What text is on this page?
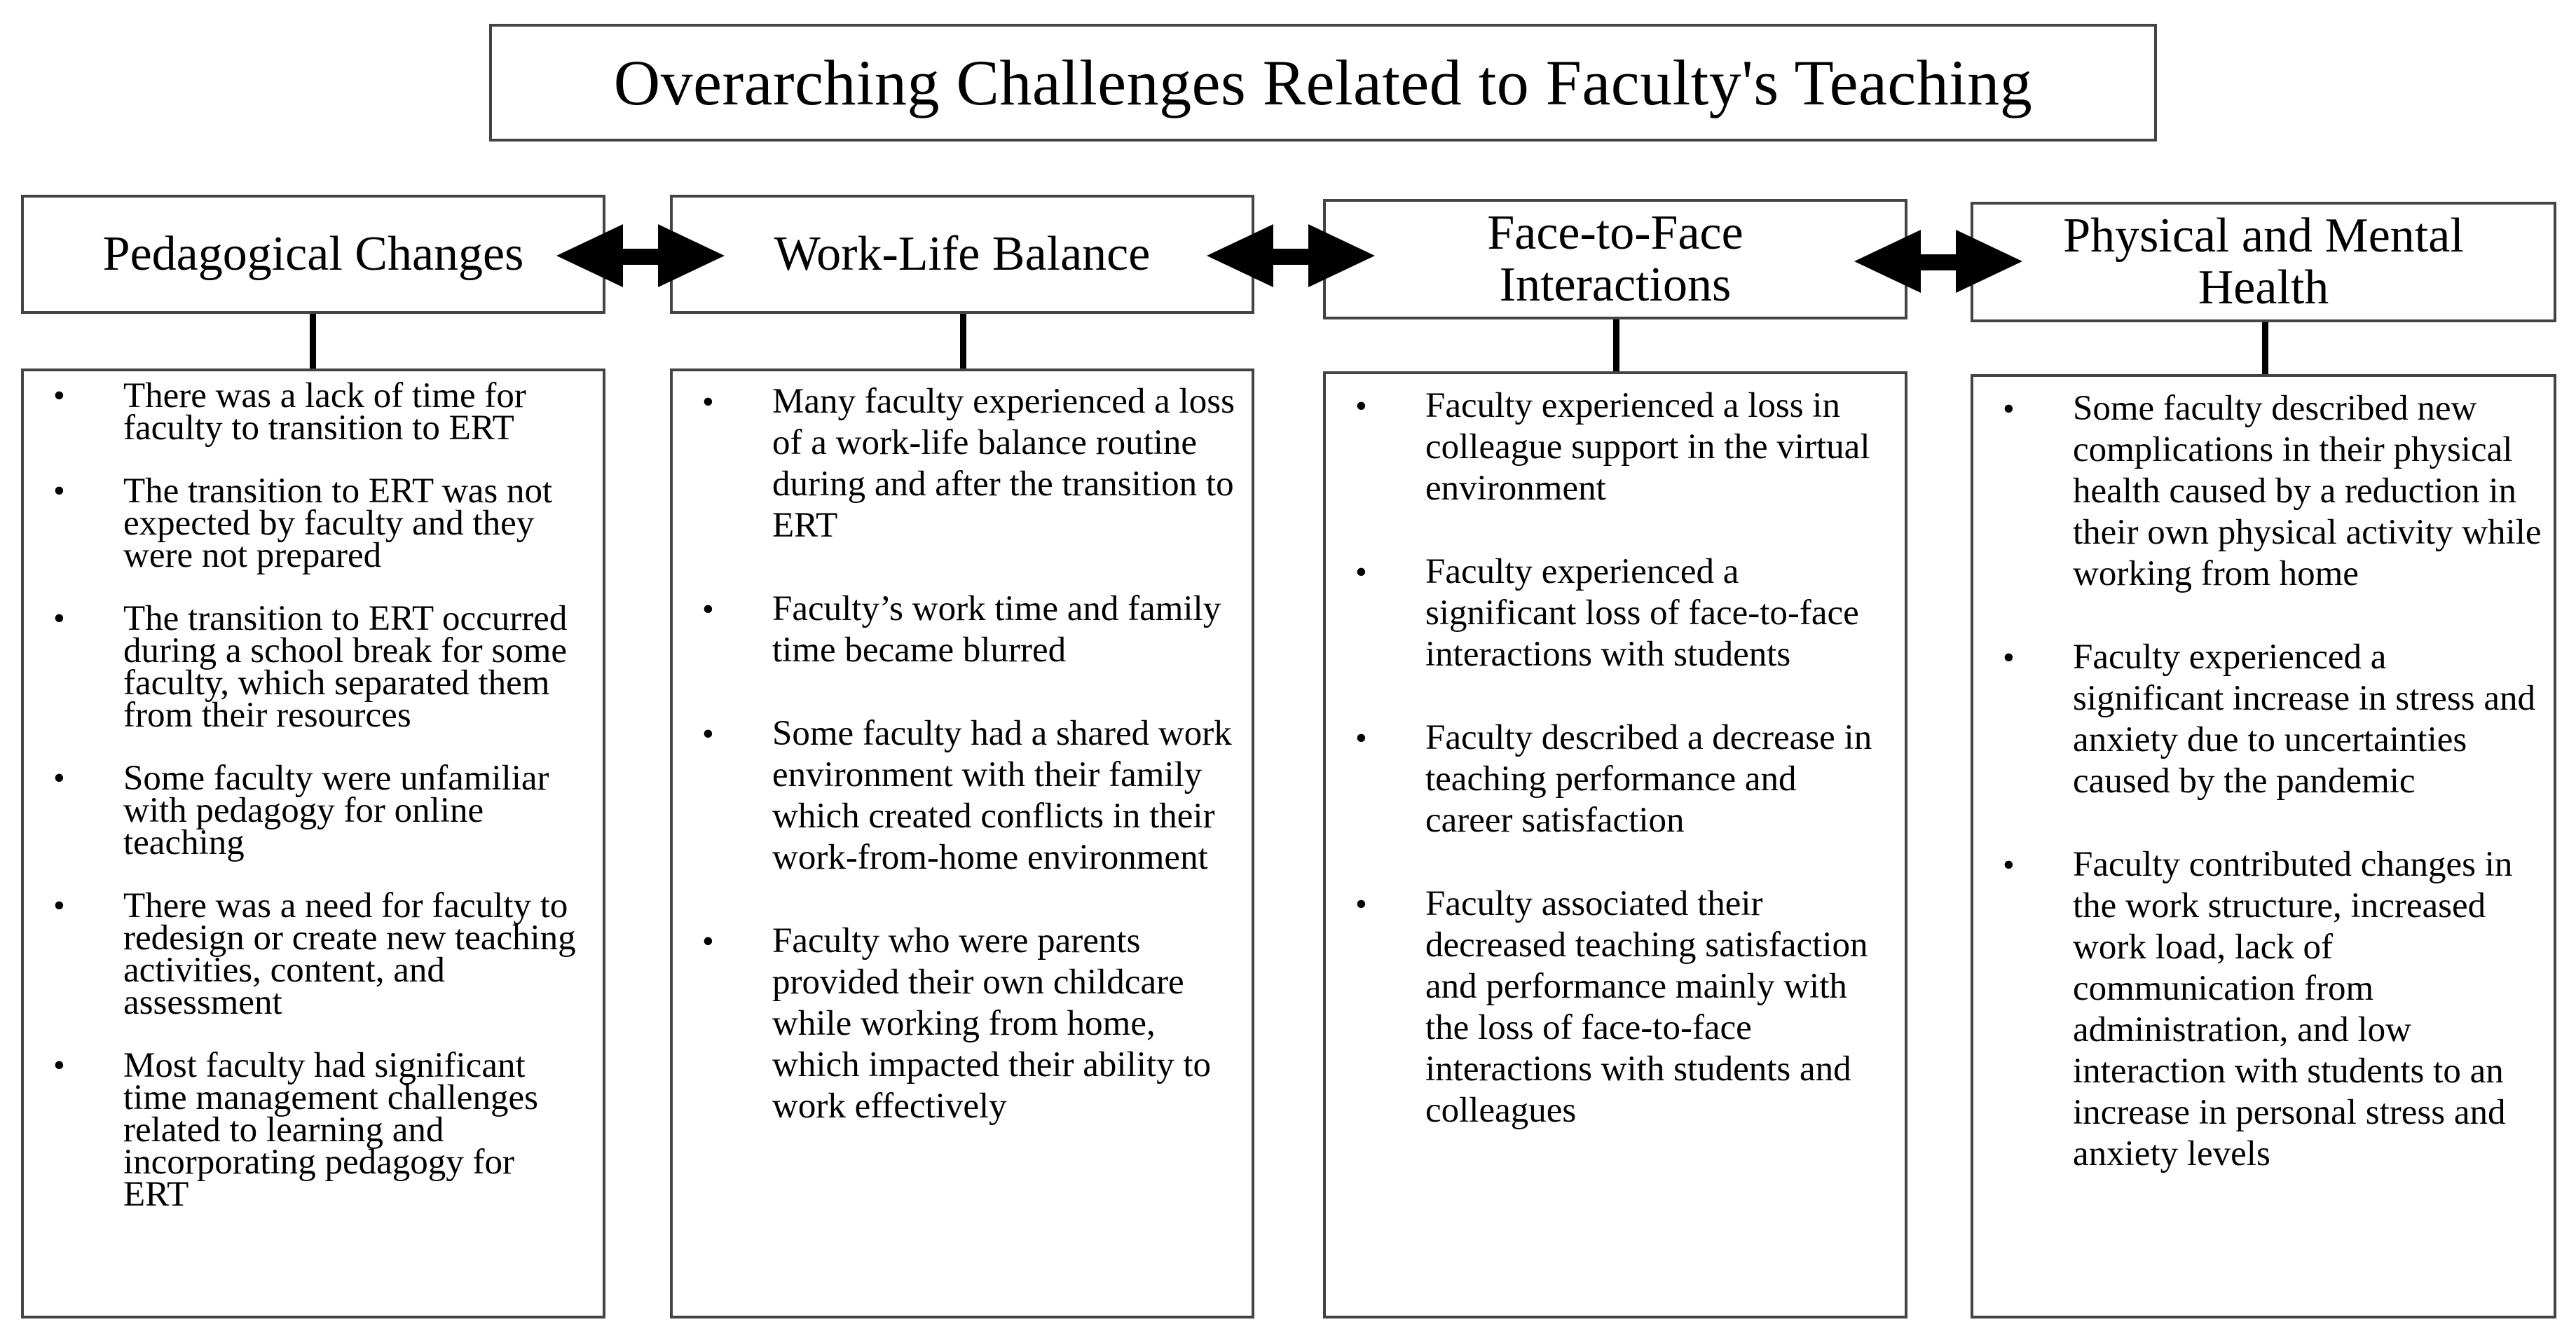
Overarching Challenges Related to Faculty's Teaching
Pedagogical Changes	Work-Life Balance	Face-to-Face Interactions
Physical and Mental Health
• There was a lack of time for faculty to transition to ERT
• The transition to ERT was not expected by faculty and they were not prepared
• The transition to ERT occurred during a school break for some faculty, which separated them from their resources
• Some faculty were unfamiliar with pedagogy for online teaching
• There was a need for faculty to redesign or create new teaching activities, content, and assessment
• Most faculty had significant time management challenges related to learning and incorporating pedagogy for ERT
• Many faculty experienced a loss of a work-life balance routine during and after the transition to ERT
• Faculty’s work time and family time became blurred
• Some faculty had a shared work environment with their family which created conflicts in their work-from-home environment
• Faculty who were parents provided their own childcare while working from home, which impacted their ability to work effectively
• Faculty experienced a loss in colleague support in the virtual environment
• Faculty experienced a significant loss of face-to-face interactions with students
• Faculty described a decrease in teaching performance and career satisfaction
• Faculty associated their decreased teaching satisfaction and performance mainly with the loss of face-to-face interactions with students and colleagues
• Some faculty described new complications in their physical health caused by a reduction in their own physical activity while working from home
• Faculty experienced a significant increase in stress and anxiety due to uncertainties caused by the pandemic
• Faculty contributed changes in the work structure, increased work load, lack of communication from administration, and low interaction with students to an increase in personal stress and anxiety levels
